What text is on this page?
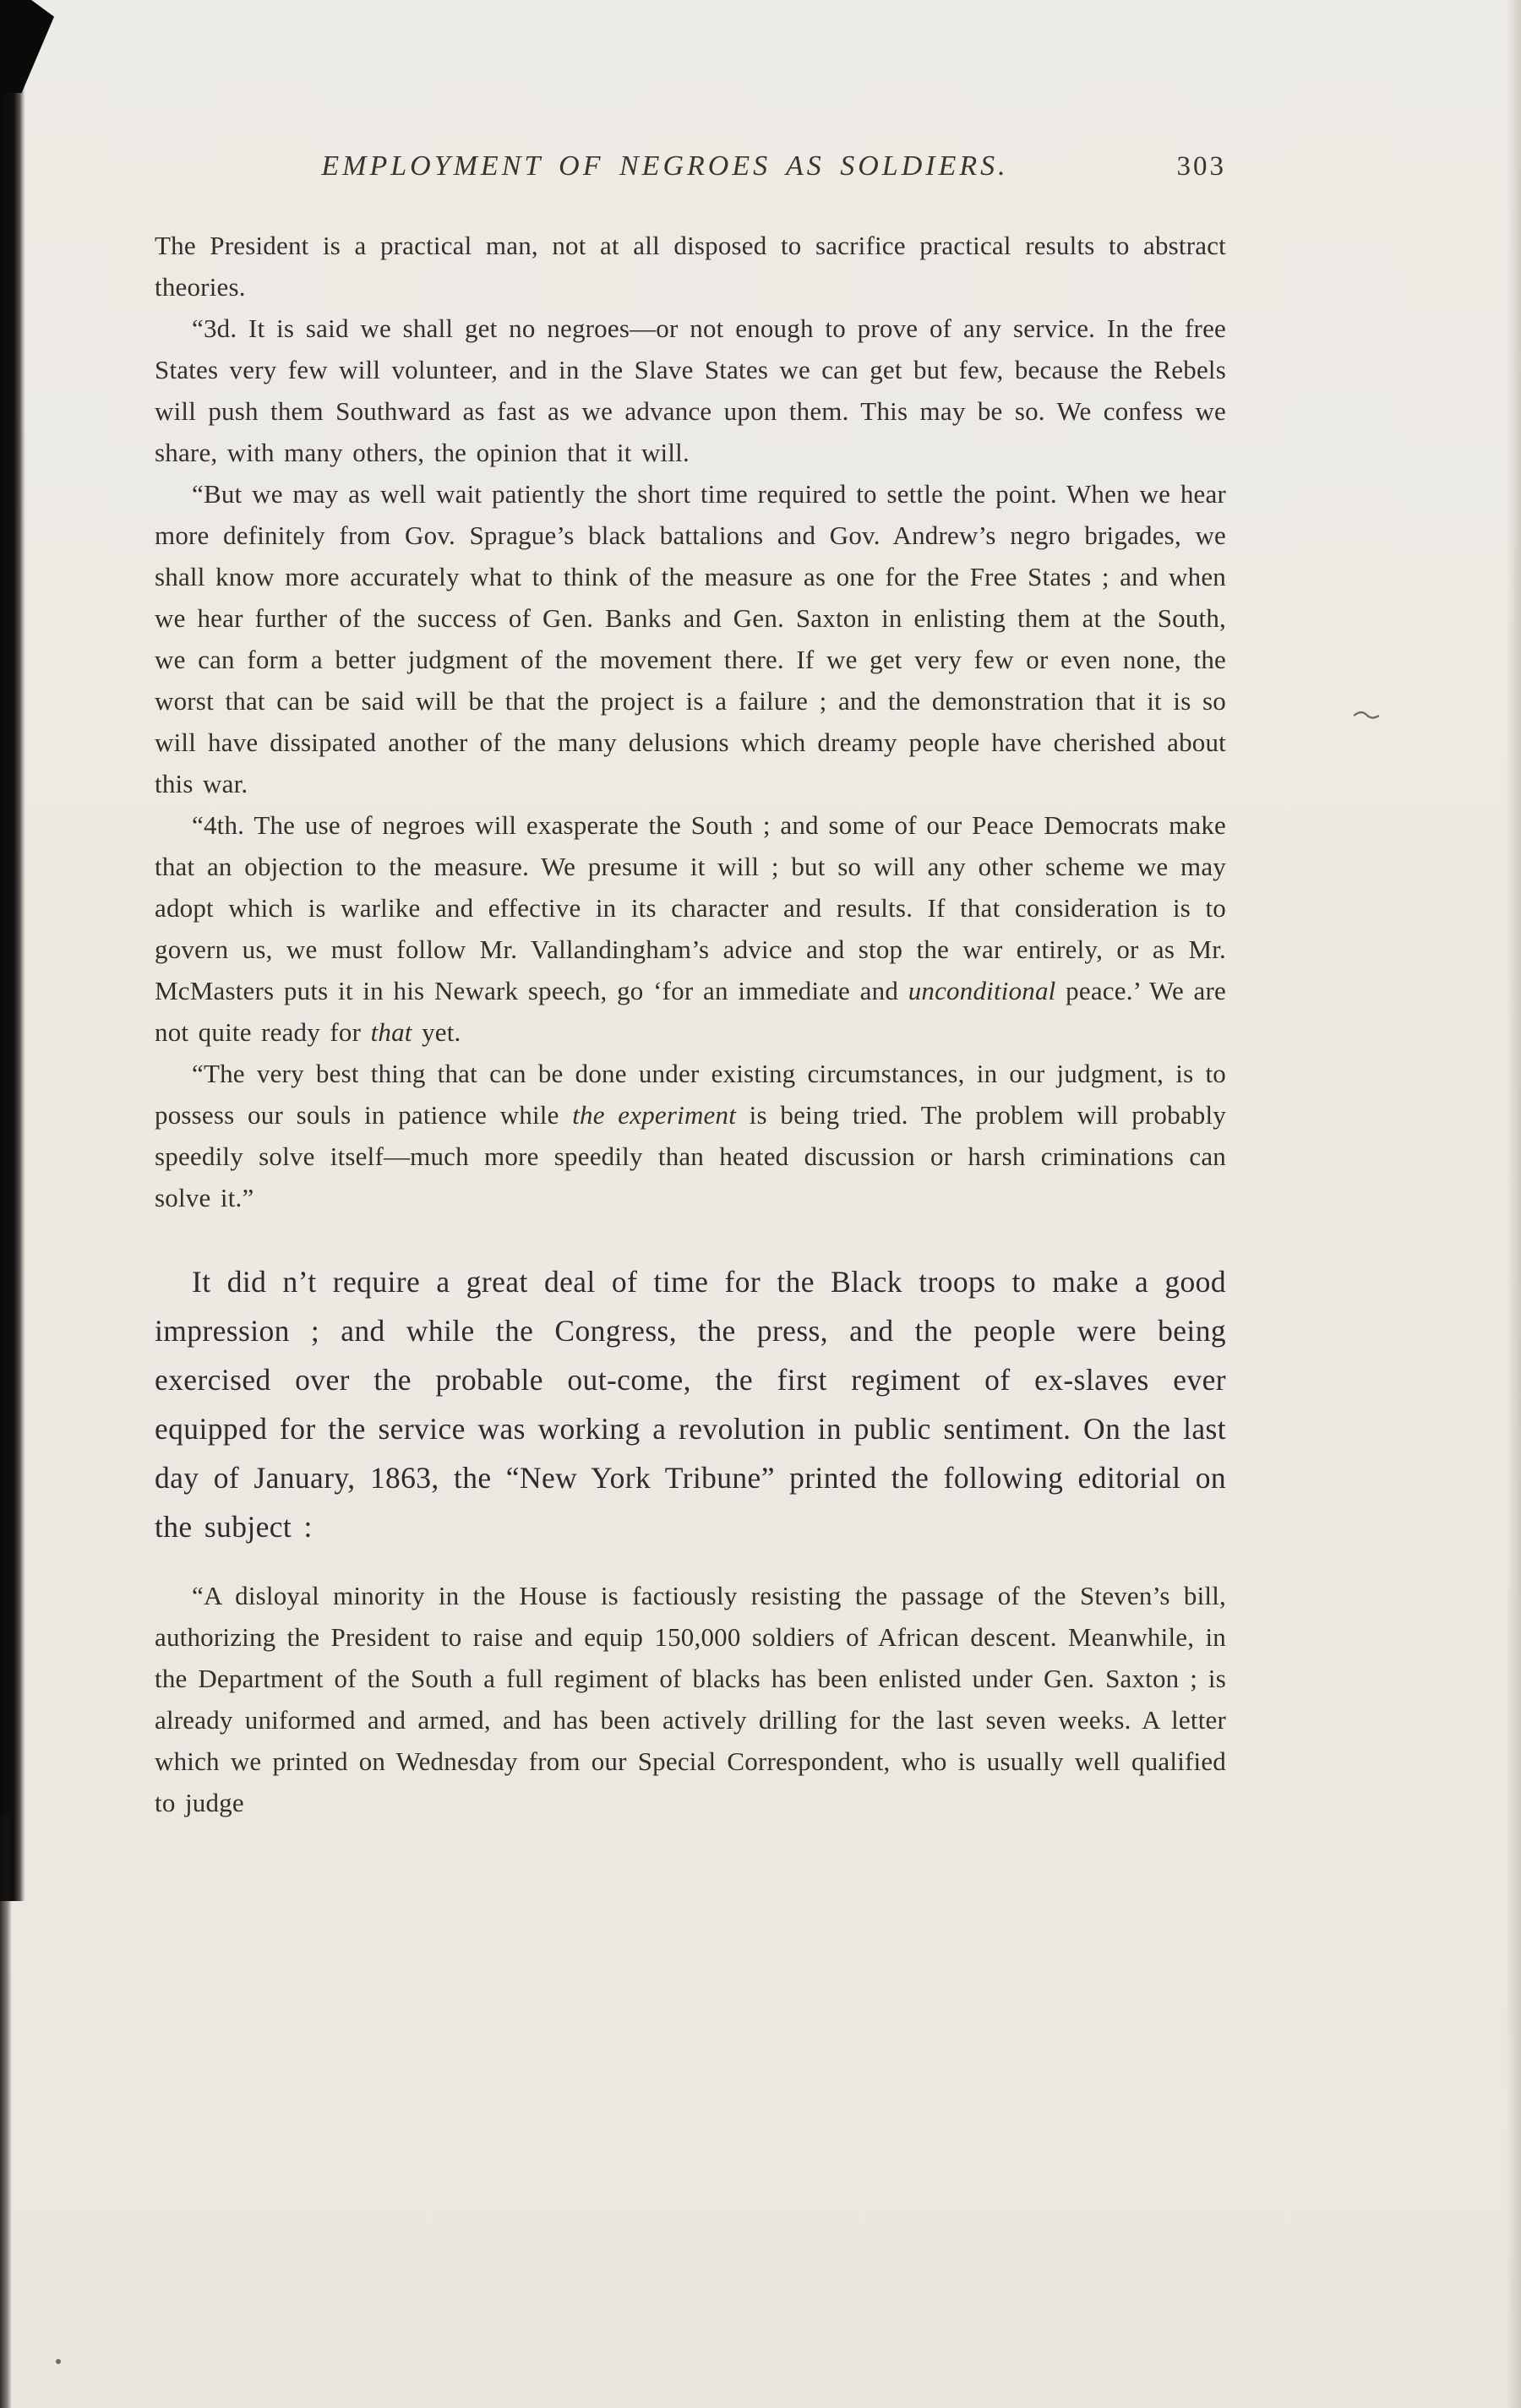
EMPLOYMENT OF NEGROES AS SOLDIERS.	303

The President is a practical man, not at all disposed to sacrifice practical results to abstract theories.

“3d. It is said we shall get no negroes—or not enough to prove of any service. In the free States very few will volunteer, and in the Slave States we can get but few, because the Rebels will push them Southward as fast as we advance upon them. This may be so. We confess we share, with many others, the opinion that it will.

“But we may as well wait patiently the short time required to settle the point. When we hear more definitely from Gov. Sprague’s black battalions and Gov. Andrew’s negro brigades, we shall know more accurately what to think of the measure as one for the Free States ; and when we hear further of the success of Gen. Banks and Gen. Saxton in enlisting them at the South, we can form a better judgment of the movement there. If we get very few or even none, the worst that can be said will be that the project is a failure ; and the demonstration that it is so will have dissipated another of the many delusions which dreamy people have cherished about this war.

“4th. The use of negroes will exasperate the South ; and some of our Peace Democrats make that an objection to the measure. We presume it will ; but so will any other scheme we may adopt which is warlike and effective in its character and results. If that consideration is to govern us, we must follow Mr. Vallandingham’s advice and stop the war entirely, or as Mr. McMasters puts it in his Newark speech, go ‘for an immediate and unconditional peace.’ We are not quite ready for that yet.

“The very best thing that can be done under existing circumstances, in our judgment, is to possess our souls in patience while the experiment is being tried. The problem will probably speedily solve itself—much more speedily than heated discussion or harsh criminations can solve it.”

It did n’t require a great deal of time for the Black troops to make a good impression ; and while the Congress, the press, and the people were being exercised over the probable out-come, the first regiment of ex-slaves ever equipped for the service was working a revolution in public sentiment. On the last day of January, 1863, the “New York Tribune” printed the following editorial on the subject :

“A disloyal minority in the House is factiously resisting the passage of the Steven’s bill, authorizing the President to raise and equip 150,000 soldiers of African descent. Meanwhile, in the Department of the South a full regiment of blacks has been enlisted under Gen. Saxton ; is already uniformed and armed, and has been actively drilling for the last seven weeks. A letter which we printed on Wednesday from our Special Correspondent, who is usually well qualified to judge
